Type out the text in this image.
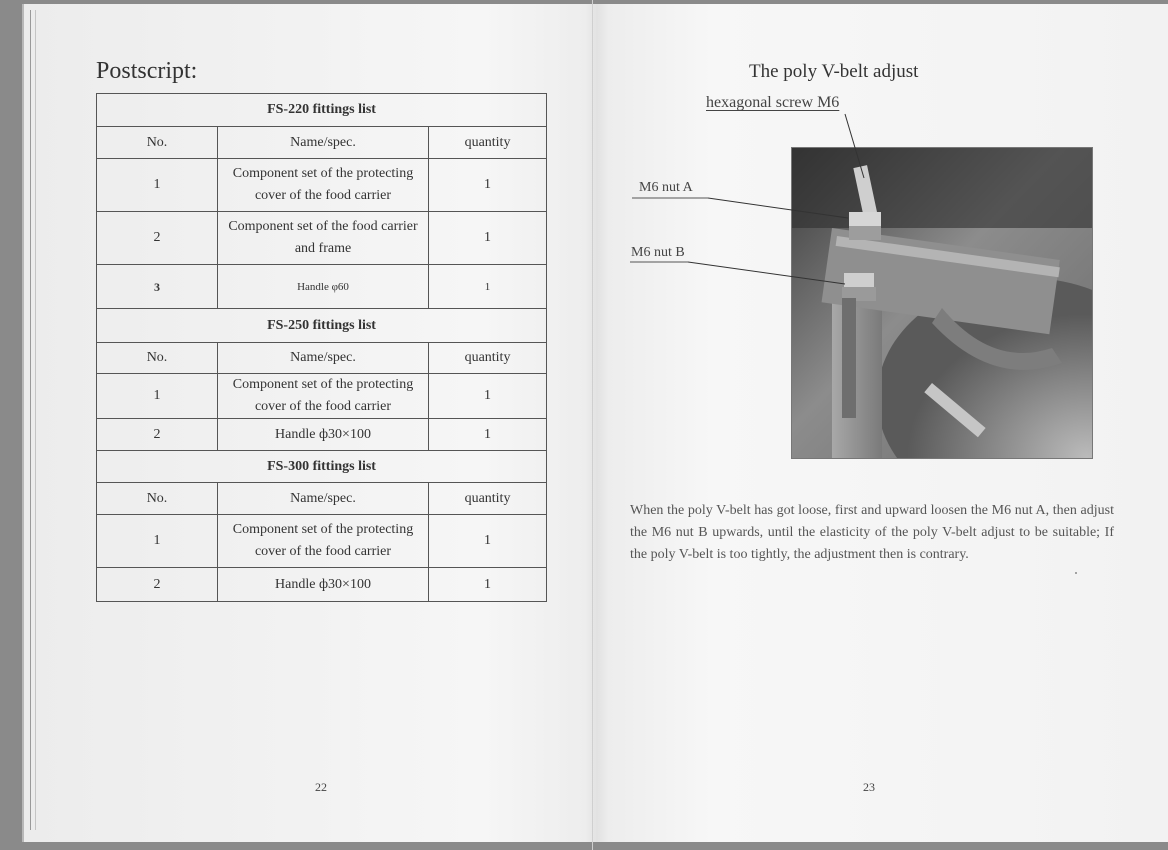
Postscript:
FS-220 fittings list		
No.	Name/spec.	quantity
1	Component set of the protecting cover of the food carrier	1
2	Component set of the food carrier and frame	1
3	Handle φ60	1
FS-250 fittings list		
No.	Name/spec.	quantity
1	Component set of the protecting cover of the food carrier	1
2	Handle ф30×100	1
FS-300 fittings list		
No.	Name/spec.	quantity
1	Component set of the protecting cover of the food carrier	1
2	Handle ф30×100	1
22
The poly V-belt adjust
hexagonal screw M6
M6 nut A
M6 nut B

When the poly V-belt has got loose, first and upward loosen the M6 nut A, then adjust the M6 nut B upwards, until the elasticity of the poly V-belt adjust to be suitable; If the poly V-belt is too tightly, the adjustment then is contrary.

23
